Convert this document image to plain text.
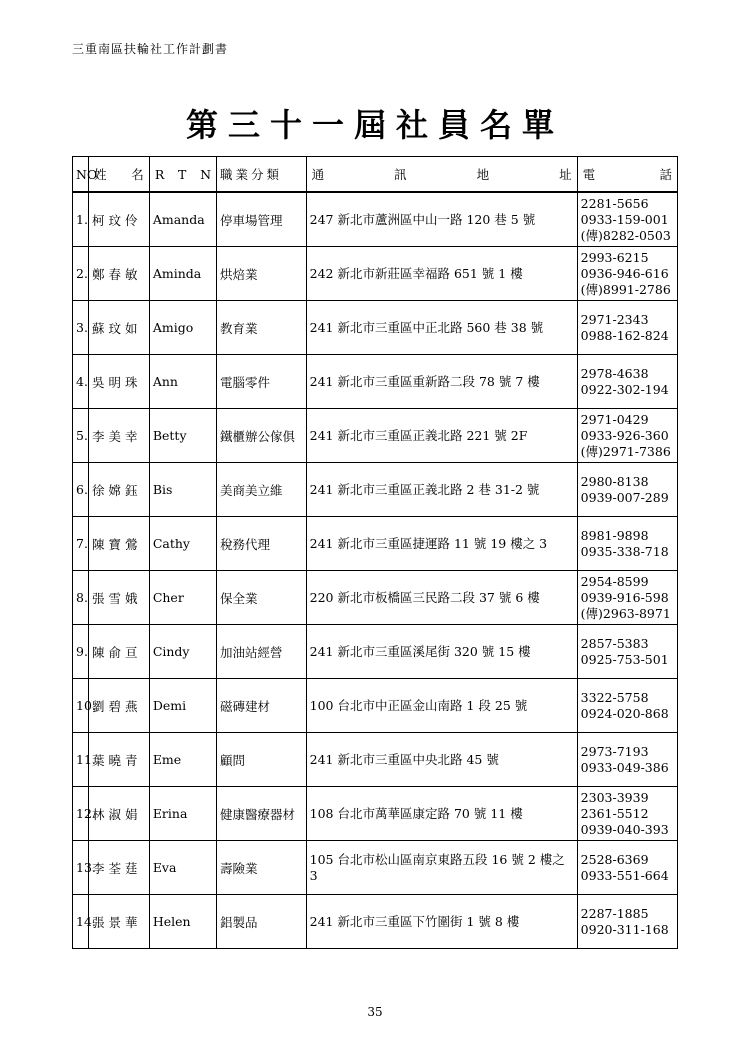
三重南區扶輪社工作計劃書
第三十一屆社員名單
NO	姓 名	R T N	職業分類	通 訊 地 址	電 話

1.	柯玟伶	Amanda	停車場管理	247 新北市蘆洲區中山一路 120 巷 5 號	2281-5656
0933-159-001
(傳)8282-0503

2.	鄭春敏	Aminda	烘焙業	242 新北市新莊區幸福路 651 號 1 樓	2993-6215
0936-946-616
(傳)8991-2786

3.	蘇玟如	Amigo	教育業	241 新北市三重區中正北路 560 巷 38 號	2971-2343
0988-162-824

4.	吳明珠	Ann	電腦零件	241 新北市三重區重新路二段 78 號 7 樓	2978-4638
0922-302-194

5.	李美幸	Betty	鐵櫃辦公傢俱	241 新北市三重區正義北路 221 號 2F	2971-0429
0933-926-360
(傳)2971-7386

6.	徐嫦鈺	Bis	美商美立維	241 新北市三重區正義北路 2 巷 31-2 號	2980-8138
0939-007-289

7.	陳寶鶯	Cathy	稅務代理	241 新北市三重區捷運路 11 號 19 樓之 3	8981-9898
0935-338-718

8.	張雪娥	Cher	保全業	220 新北市板橋區三民路二段 37 號 6 樓	2954-8599
0939-916-598
(傳)2963-8971

9.	陳俞亘	Cindy	加油站經營	241 新北市三重區溪尾街 320 號 15 樓	2857-5383
0925-753-501

10.	劉碧燕	Demi	磁磚建材	100 台北市中正區金山南路 1 段 25 號	3322-5758
0924-020-868

11.	葉曉青	Eme	顧問	241 新北市三重區中央北路 45 號	2973-7193
0933-049-386

12.	林淑娟	Erina	健康醫療器材	108 台北市萬華區康定路 70 號 11 樓	2303-3939
2361-5512
0939-040-393

13.	李荃莛	Eva	壽險業	105 台北市松山區南京東路五段 16 號 2 樓之 3	2528-6369
0933-551-664

14.	張景華	Helen	鋁製品	241 新北市三重區下竹圍街 1 號 8 樓	2287-1885
0920-311-168
35
